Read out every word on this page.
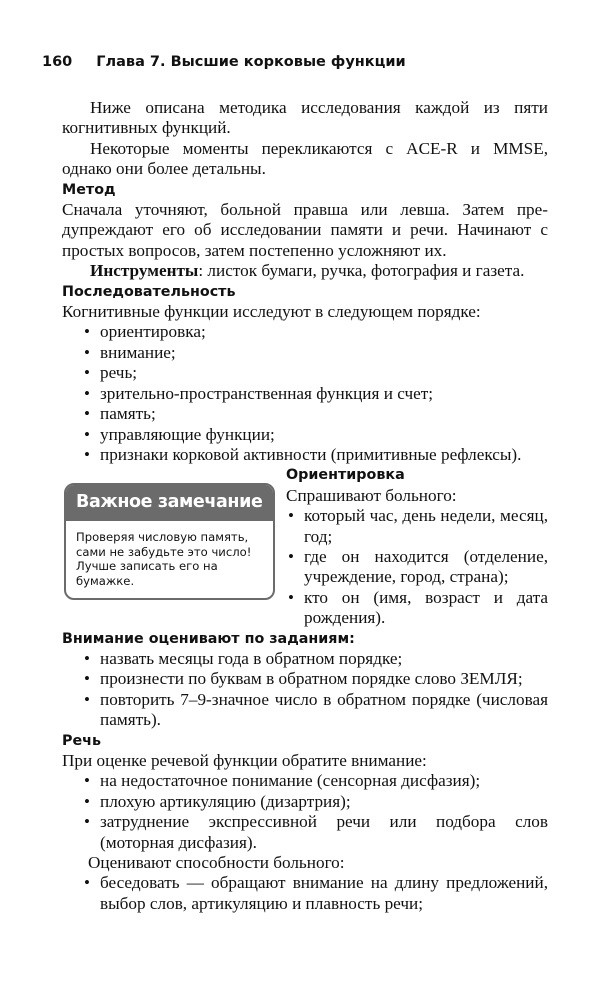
160 Глава 7. Высшие корковые функции

Ниже описана методика исследования каждой из пяти когнитивных функций.

Некоторые моменты перекликаются с ACE-R и MMSE, однако они более детальны.

Метод

Сначала уточняют, больной правша или левша. Затем предупреждают его об исследовании памяти и речи. Начинают с простых вопросов, затем постепенно усложняют их.

Инструменты: листок бумаги, ручка, фотография и газета.

Последовательность

Когнитивные функции исследуют в следующем порядке:

• ориентировка;
• внимание;
• речь;
• зрительно-пространственная функция и счет;
• память;
• управляющие функции;
• признаки корковой активности (примитивные рефлексы).
Важное замечание
Проверяя числовую память, сами не забудьте это число! Лучше записать его на бумажке.
Ориентировка

Спрашивают больного:

• который час, день недели, месяц, год;
• где он находится (отделение, учреждение, город, страна);
• кто он (имя, возраст и дата рождения).
Внимание оценивают по заданиям:
• назвать месяцы года в обратном порядке;
• произнести по буквам в обратном порядке слово ЗЕМЛЯ;
• повторить 7–9-значное число в обратном порядке (числовая память).
Речь

При оценке речевой функции обратите внимание:

• на недостаточное понимание (сенсорная дисфазия);
• плохую артикуляцию (дизартрия);
• затруднение экспрессивной речи или подбора слов (моторная дисфазия).

Оценивают способности больного:

• беседовать — обращают внимание на длину предложений, выбор слов, артикуляцию и плавность речи;
